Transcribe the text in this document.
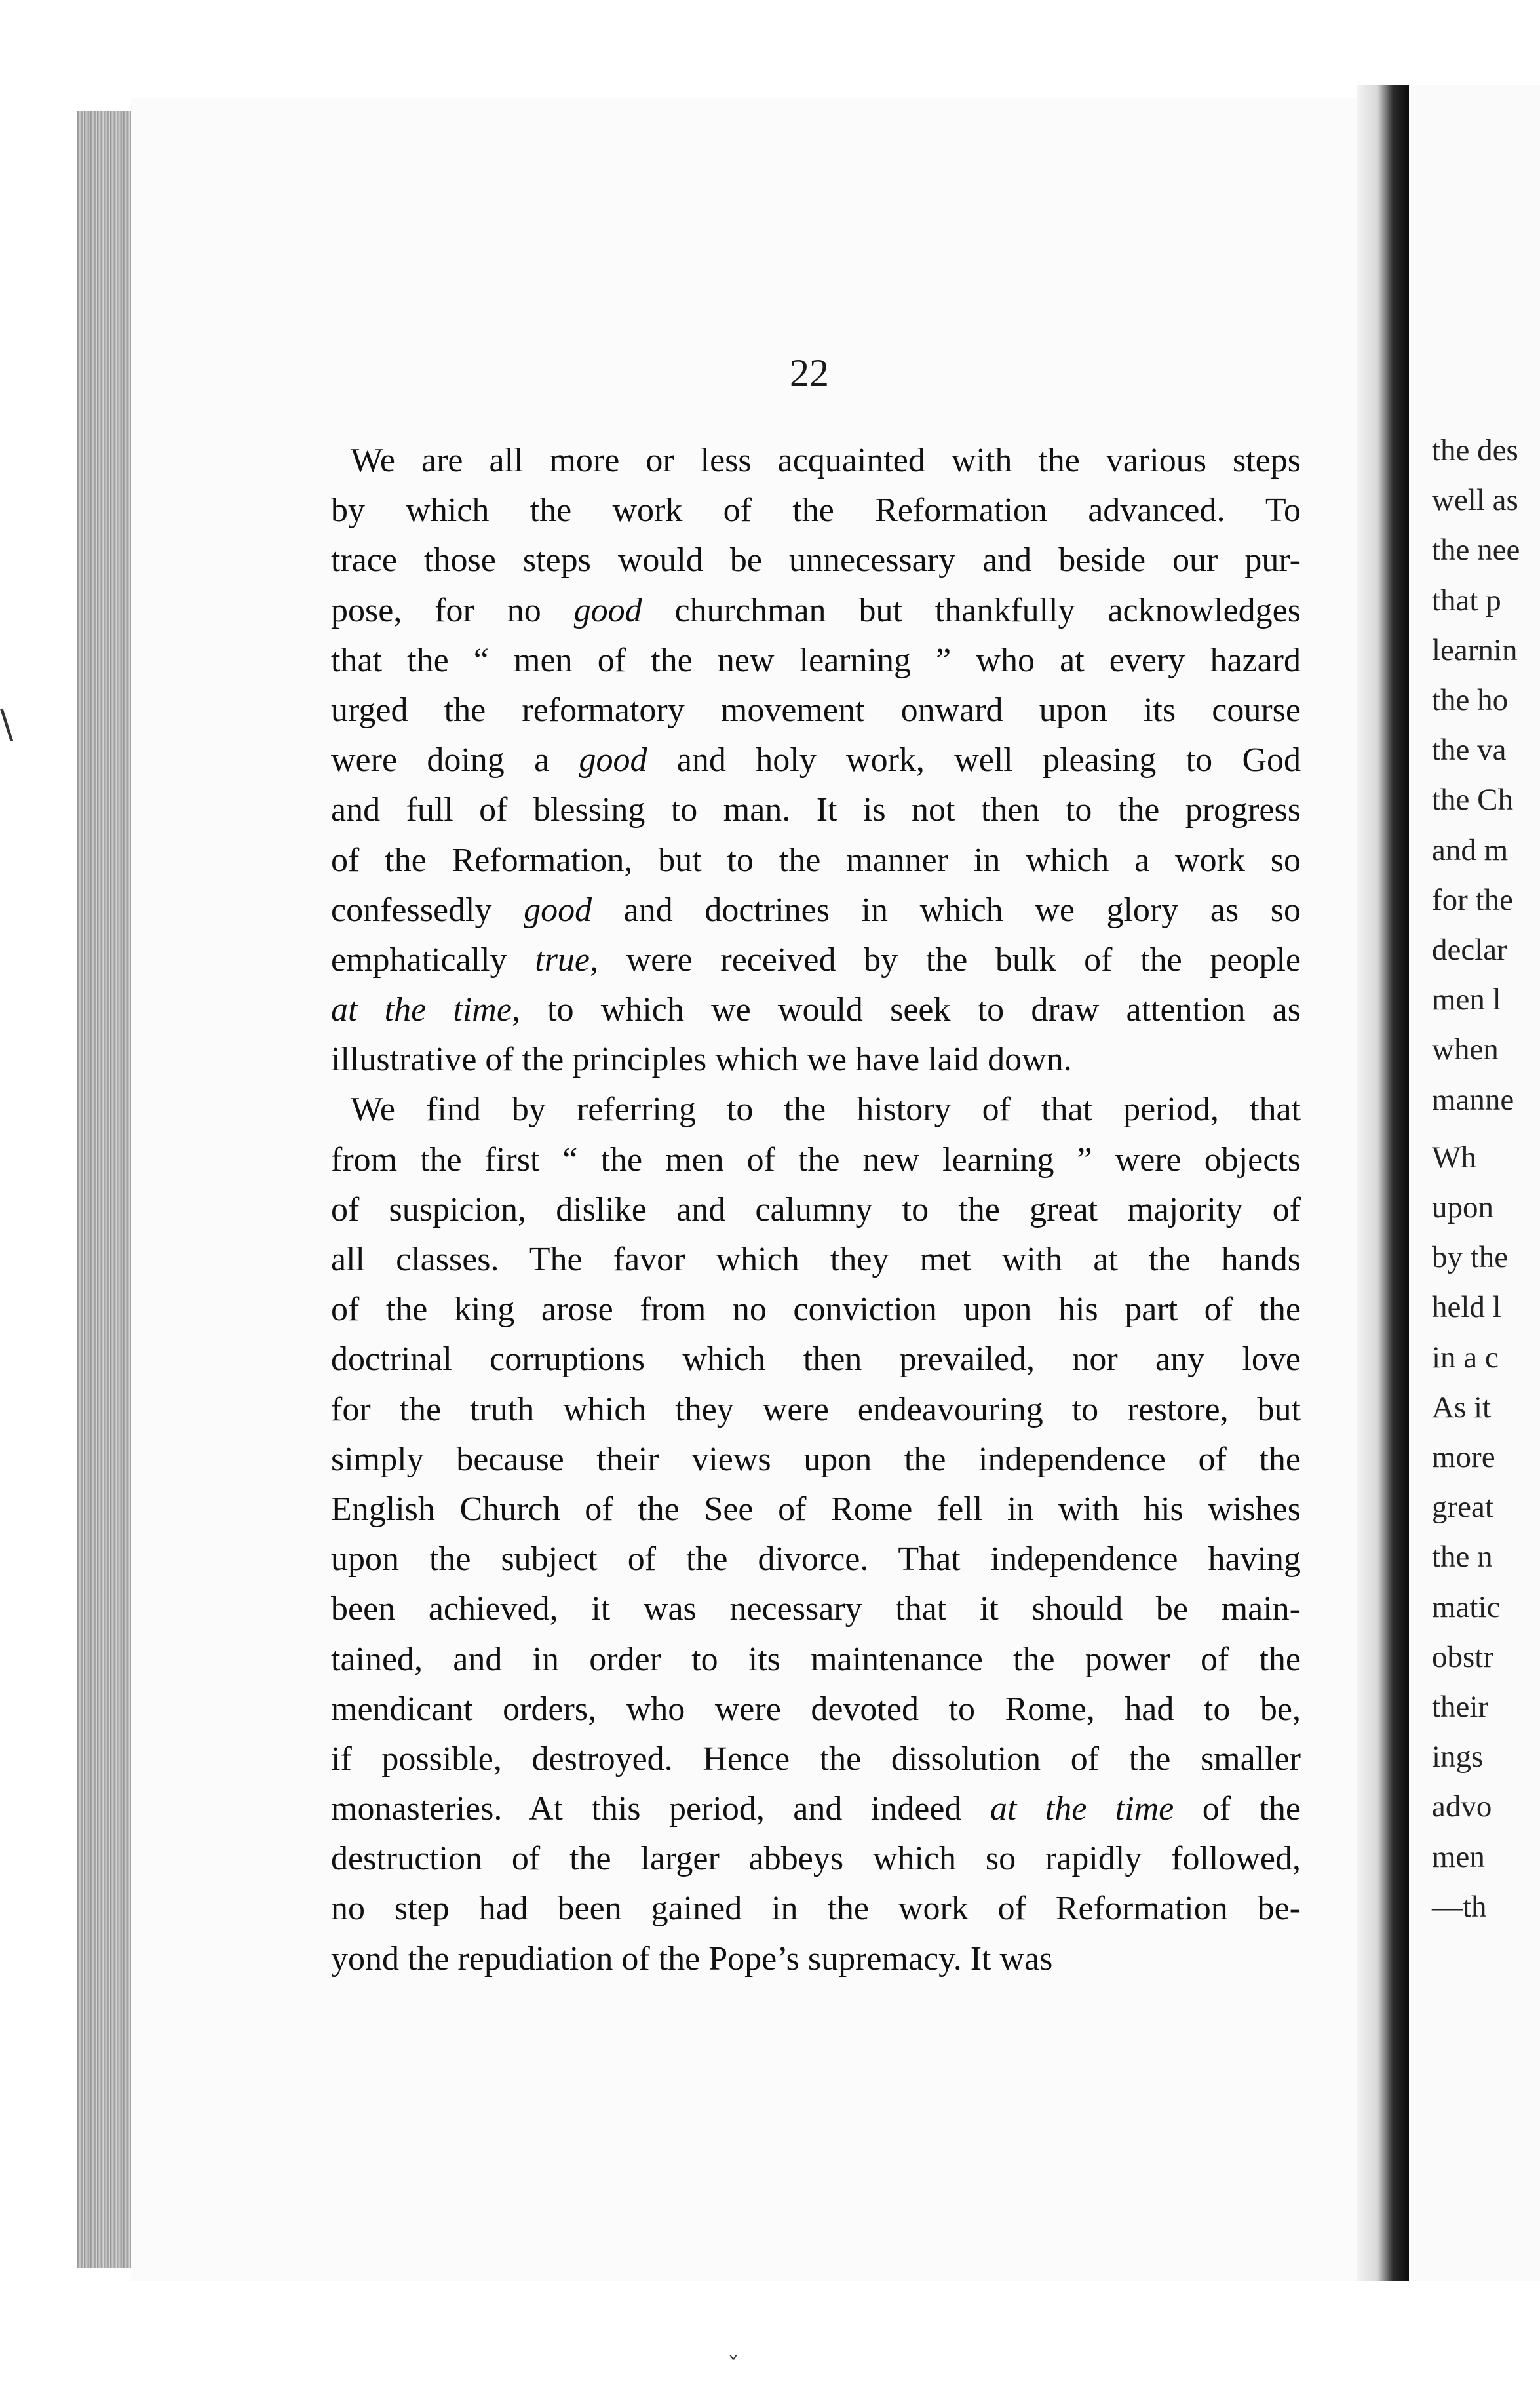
\
22
We are all more or less acquainted with the various steps
by which the work of the Reformation advanced. To
trace those steps would be unnecessary and beside our pur-
pose, for no good churchman but thankfully acknowledges
that the “ men of the new learning ” who at every hazard
urged the reformatory movement onward upon its course
were doing a good and holy work, well pleasing to God
and full of blessing to man. It is not then to the progress
of the Reformation, but to the manner in which a work so
confessedly good and doctrines in which we glory as so
emphatically true, were received by the bulk of the people
at the time, to which we would seek to draw attention as
illustrative of the principles which we have laid down.
We find by referring to the history of that period, that
from the first “ the men of the new learning ” were objects
of suspicion, dislike and calumny to the great majority of
all classes. The favor which they met with at the hands
of the king arose from no conviction upon his part of the
doctrinal corruptions which then prevailed, nor any love
for the truth which they were endeavouring to restore, but
simply because their views upon the independence of the
English Church of the See of Rome fell in with his wishes
upon the subject of the divorce. That independence having
been achieved, it was necessary that it should be main-
tained, and in order to its maintenance the power of the
mendicant orders, who were devoted to Rome, had to be,
if possible, destroyed. Hence the dissolution of the smaller
monasteries. At this period, and indeed at the time of the
destruction of the larger abbeys which so rapidly followed,
no step had been gained in the work of Reformation be-
yond the repudiation of the Pope’s supremacy. It was
the des
well as
the nee
that p
learnin
the ho
the va
the Ch
and m
for the
declar
men l
when
manne
Wh
upon
by the
held l
in a c
As it
more
great
the n
matic
obstr
their
ings
advo
men
—th
ˇ
